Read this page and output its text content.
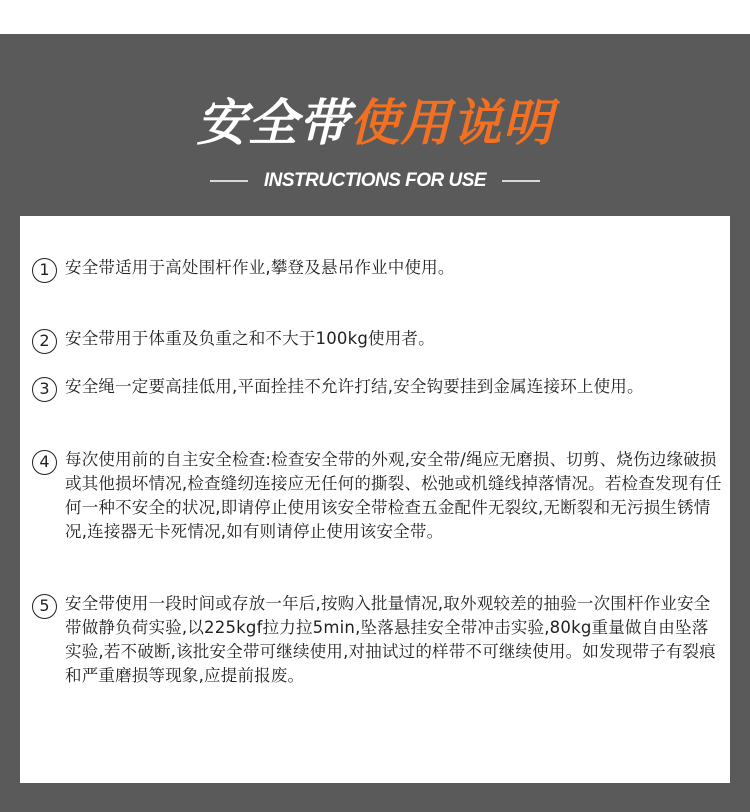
安全带使用说明
INSTRUCTIONS FOR USE
1 安全带适用于高处围杆作业,攀登及悬吊作业中使用。
2 安全带用于体重及负重之和不大于100kg使用者。
3 安全绳一定要高挂低用,平面拴挂不允许打结,安全钩要挂到金属连接环上使用。
4 每次使用前的自主安全检查:检查安全带的外观,安全带/绳应无磨损、切剪、烧伤边缘破损或其他损坏情况,检查缝纫连接应无任何的撕裂、松弛或机缝线掉落情况。若检查发现有任何一种不安全的状况,即请停止使用该安全带检查五金配件无裂纹,无断裂和无污损生锈情况,连接器无卡死情况,如有则请停止使用该安全带。
5 安全带使用一段时间或存放一年后,按购入批量情况,取外观较差的抽验一次围杆作业安全带做静负荷实验,以225kgf拉力拉5min,坠落悬挂安全带冲击实验,80kg重量做自由坠落实验,若不破断,该批安全带可继续使用,对抽试过的样带不可继续使用。如发现带子有裂痕和严重磨损等现象,应提前报废。
